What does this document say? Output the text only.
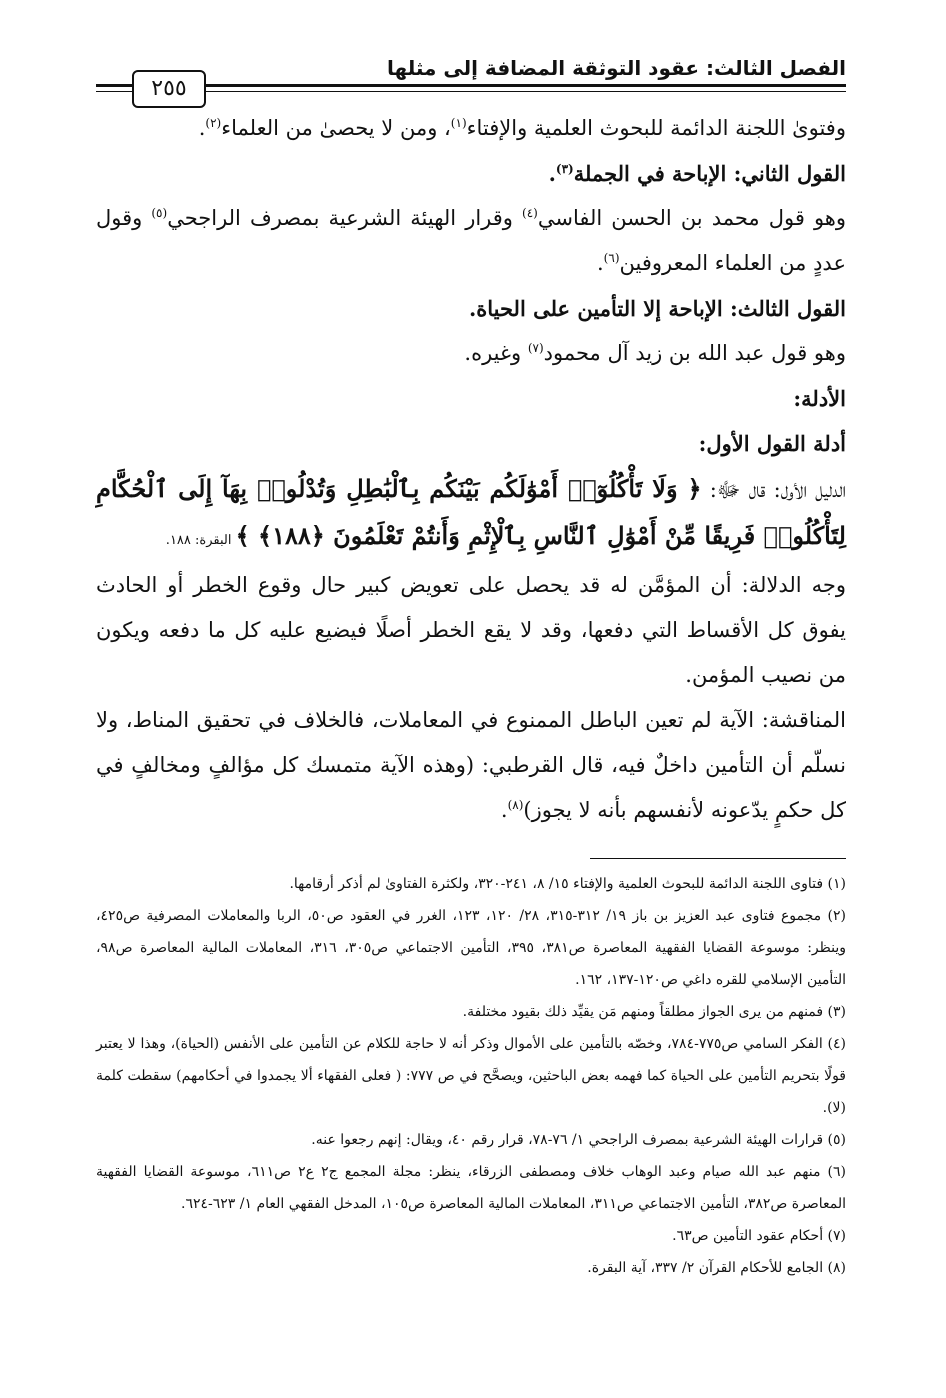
الفصل الثالث: عقود التوثقة المضافة إلى مثلها
٢٥٥

وفتوىٰ اللجنة الدائمة للبحوث العلمية والإفتاء$^{(١)}$، ومن لا يحصىٰ من العلماء$^{(٢)}$.

القول الثاني: الإباحة في الجملة$^{(٣)}$.

وهو قول محمد بن الحسن الفاسي$^{(٤)}$ وقرار الهيئة الشرعية بمصرف الراجحي$^{(٥)}$ وقول عددٍ من العلماء المعروفين$^{(٦)}$.

القول الثالث: الإباحة إلا التأمين على الحياة.

وهو قول عبد الله بن زيد آل محمود$^{(٧)}$ وغيره.

الأدلة:

أدلة القول الأول:

الدليل الأول: قال ﷻ: ﴿ وَلَا تَأْكُلُوٓا۟ أَمْوَٰلَكُم بَيْنَكُم بِٱلْبَٰطِلِ وَتُدْلُوا۟ بِهَآ إِلَى ٱلْحُكَّامِ لِتَأْكُلُوا۟ فَرِيقًا مِّنْ أَمْوَٰلِ ٱلنَّاسِ بِٱلْإِثْمِ وَأَنتُمْ تَعْلَمُونَ ﴿١٨٨﴾ ﴾ البقرة: ١٨٨.

وجه الدلالة: أن المؤمَّن له قد يحصل على تعويض كبير حال وقوع الخطر أو الحادث يفوق كل الأقساط التي دفعها، وقد لا يقع الخطر أصلًا فيضيع عليه كل ما دفعه ويكون من نصيب المؤمن.

المناقشة: الآية لم تعين الباطل الممنوع في المعاملات، فالخلاف في تحقيق المناط، ولا نسلّم أن التأمين داخلٌ فيه، قال القرطبي: (وهذه الآية متمسك كل مؤالفٍ ومخالفٍ في كل حكمٍ يدّعونه لأنفسهم بأنه لا يجوز)$^{(٨)}$.

(١) فتاوى اللجنة الدائمة للبحوث العلمية والإفتاء ١٥/ ٨، ٢٤١-٣٢٠، ولكثرة الفتاوىٰ لم أذكر أرقامها.

(٢) مجموع فتاوى عبد العزيز بن باز ١٩/ ٣١٢-٣١٥، ٢٨/ ١٢٠، ١٢٣، الغرر في العقود ص٥٠، الربا والمعاملات المصرفية ص٤٢٥، وينظر: موسوعة القضايا الفقهية المعاصرة ص٣٨١، ٣٩٥، التأمين الاجتماعي ص٣٠٥، ٣١٦، المعاملات المالية المعاصرة ص٩٨، التأمين الإسلامي للقره داغي ص١٢٠-١٣٧، ١٦٢.

(٣) فمنهم من يرى الجواز مطلقاً ومنهم مَن يقيِّد ذلك بقيود مختلفة.

(٤) الفكر السامي ص٧٧٥-٧٨٤، وخصّه بالتأمين على الأموال وذكر أنه لا حاجة للكلام عن التأمين على الأنفس (الحياة)، وهذا لا يعتبر قولًا بتحريم التأمين على الحياة كما فهمه بعض الباحثين، ويصحَّح في ص ٧٧٧: ( فعلى الفقهاء ألا يجمدوا في أحكامهم) سقطت كلمة (لا).

(٥) قرارات الهيئة الشرعية بمصرف الراجحي ١/ ٧٦-٧٨، قرار رقم ٤٠، ويقال: إنهم رجعوا عنه.

(٦) منهم عبد الله صيام وعبد الوهاب خلاف ومصطفى الزرقاء، ينظر: مجلة المجمع ج٢ ع٢ ص٦١١، موسوعة القضايا الفقهية المعاصرة ص٣٨٢، التأمين الاجتماعي ص٣١١، المعاملات المالية المعاصرة ص١٠٥، المدخل الفقهي العام ١/ ٦٢٣-٦٢٤.

(٧) أحكام عقود التأمين ص٦٣.

(٨) الجامع للأحكام القرآن ٢/ ٣٣٧، آية البقرة.
